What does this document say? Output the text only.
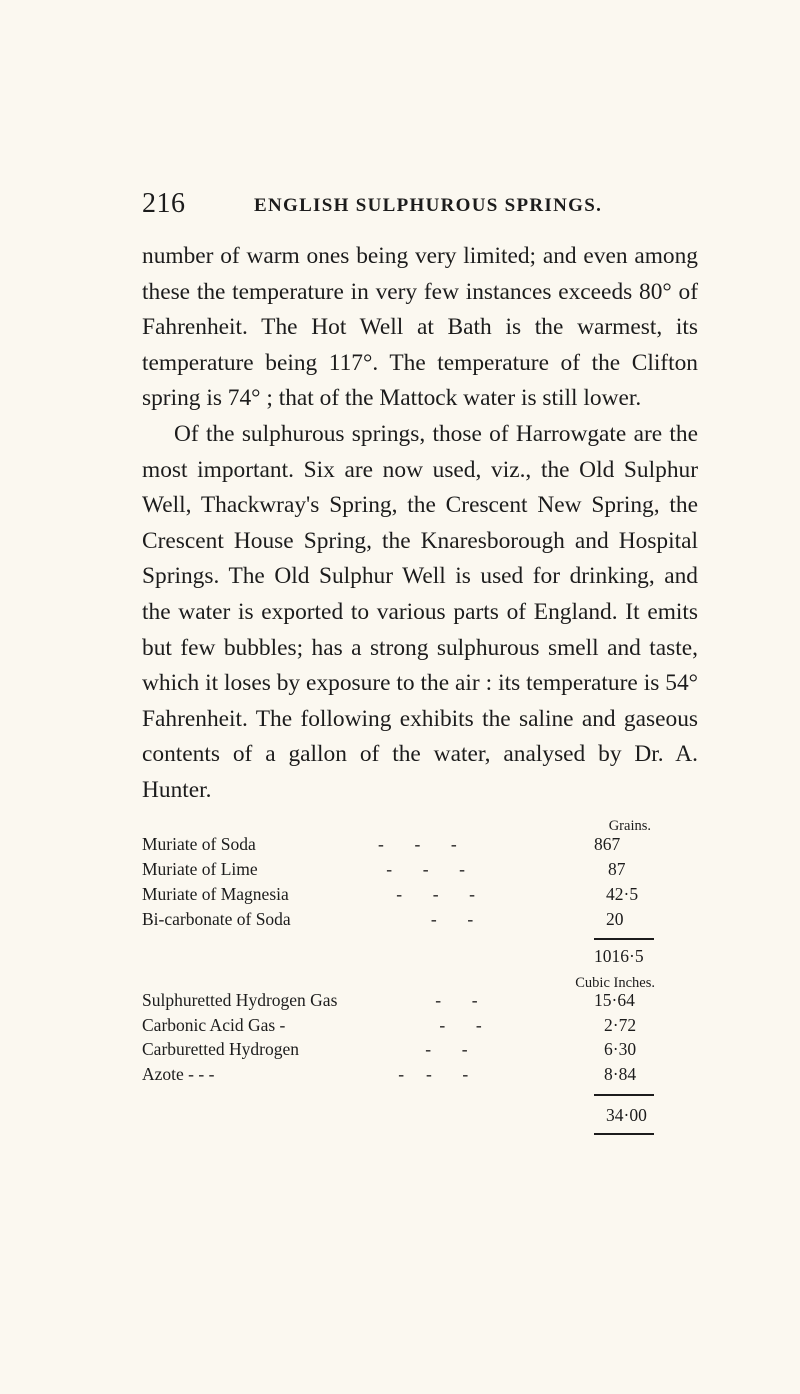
216	ENGLISH SULPHUROUS SPRINGS.

number of warm ones being very limited; and even among these the temperature in very few instances exceeds 80° of Fahrenheit. The Hot Well at Bath is the warmest, its temperature being 117°. The temperature of the Clifton spring is 74° ; that of the Mattock water is still lower.

Of the sulphurous springs, those of Harrowgate are the most important. Six are now used, viz., the Old Sulphur Well, Thackwray's Spring, the Crescent New Spring, the Crescent House Spring, the Knaresborough and Hospital Springs. The Old Sulphur Well is used for drinking, and the water is exported to various parts of England. It emits but few bubbles; has a strong sulphurous smell and taste, which it loses by exposure to the air : its temperature is 54° Fahrenheit. The following exhibits the saline and gaseous contents of a gallon of the water, analysed by Dr. A. Hunter.

Grains.
Muriate of Soda	-       -       -	867
Muriate of Lime	-       -       -	87
Muriate of Magnesia	-       -       -	42·5
Bi-carbonate of Soda	-       -	20
1016·5
Cubic Inches.
Sulphuretted Hydrogen Gas -       -	15·64
Carbonic Acid Gas -	-       -	2·72
Carburetted Hydrogen	-       -	6·30
Azote - - -	-     -       -	8·84
34·00
